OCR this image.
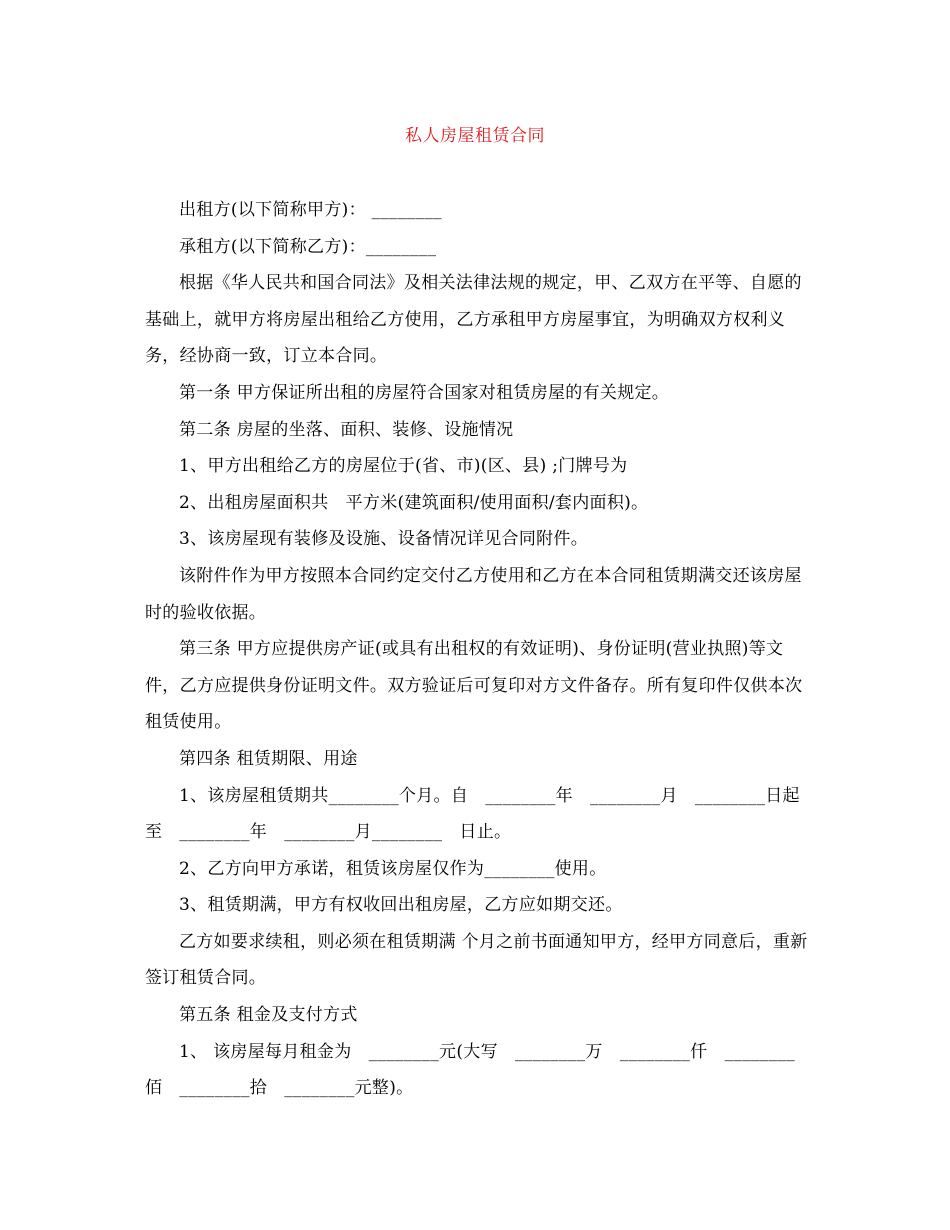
私人房屋租赁合同

出租方(以下简称甲方)： ________

承租方(以下简称乙方)：________

根据《华人民共和国合同法》及相关法律法规的规定，甲、乙双方在平等、自愿的基础上，就甲方将房屋出租给乙方使用，乙方承租甲方房屋事宜，为明确双方权利义务，经协商一致，订立本合同。

第一条 甲方保证所出租的房屋符合国家对租赁房屋的有关规定。

第二条 房屋的坐落、面积、装修、设施情况

1、甲方出租给乙方的房屋位于(省、市)(区、县) ;门牌号为

2、出租房屋面积共   平方米(建筑面积/使用面积/套内面积)。

3、该房屋现有装修及设施、设备情况详见合同附件。

该附件作为甲方按照本合同约定交付乙方使用和乙方在本合同租赁期满交还该房屋时的验收依据。

第三条 甲方应提供房产证(或具有出租权的有效证明)、身份证明(营业执照)等文件，乙方应提供身份证明文件。双方验证后可复印对方文件备存。所有复印件仅供本次租赁使用。

第四条 租赁期限、用途

1、该房屋租赁期共________个月。自   ________年   ________月   ________日起至   ________年   ________月________   日止。

2、乙方向甲方承诺，租赁该房屋仅作为________使用。

3、租赁期满，甲方有权收回出租房屋，乙方应如期交还。

乙方如要求续租，则必须在租赁期满 个月之前书面通知甲方，经甲方同意后，重新签订租赁合同。

第五条 租金及支付方式

1、 该房屋每月租金为   ________元(大写   ________万   ________仟   ________佰   ________拾   ________元整)。
